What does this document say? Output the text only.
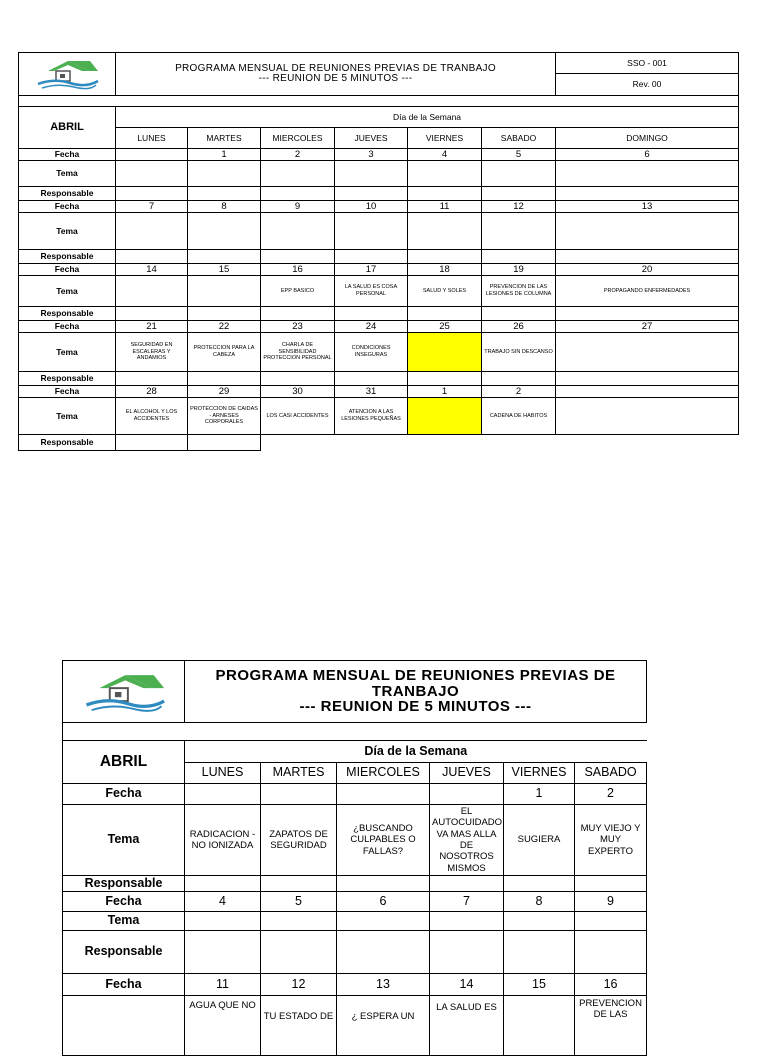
PROGRAMA MENSUAL DE REUNIONES PREVIAS DE TRANBAJO
--- REUNION DE 5 MINUTOS ---						SSO - 001
							Rev. 00

ABRIL	Día de la Semana						
	LUNES	MARTES	MIERCOLES	JUEVES	VIERNES	SABADO	DOMINGO
Fecha		1	2	3	4	5	6
Tema							
Responsable							
Fecha	7	8	9	10	11	12	13
Tema							
Responsable							
Fecha	14	15	16	17	18	19	20
Tema			EPP BASICO	LA SALUD ES COSA PERSONAL	SALUD Y SOLES	PREVENCION DE LAS LESIONES DE COLUMNA	PROPAGANDO ENFERMEDADES
Responsable							
Fecha	21	22	23	24	25	26	27
Tema	SEGURIDAD EN ESCALERAS Y ANDAMIOS	PROTECCION PARA LA CABEZA	CHARLA DE SENSIBILIDAD PROTECCION PERSONAL	CONDICIONES INSEGURAS		TRABAJO SIN DESCANSO	
Responsable							
Fecha	28	29	30	31	1	2	
Tema	EL ALCOHOL Y LOS ACCIDENTES	PROTECCION DE CAIDAS - ARNESES CORPORALES	LOS CASI ACCIDENTES	ATENCION A LAS LESIONES PEQUEÑAS		CADENA DE HABITOS	
Responsable							

PROGRAMA MENSUAL DE REUNIONES PREVIAS DE
TRANBAJO
--- REUNION DE 5 MINUTOS ---					

ABRIL	Día de la Semana					
	LUNES	MARTES	MIERCOLES	JUEVES	VIERNES	SABADO
Fecha					1	2
Tema	RADICACION - NO IONIZADA	ZAPATOS DE SEGURIDAD	¿BUSCANDO CULPABLES O FALLAS?	EL AUTOCUIDADO VA MAS ALLA DE NOSOTROS MISMOS	SUGIERA	MUY VIEJO Y MUY EXPERTO
Responsable						
Fecha	4	5	6	7	8	9
Tema						
Responsable						
Fecha	11	12	13	14	15	16
	AGUA QUE NO	TU ESTADO DE	¿ ESPERA UN	LA SALUD ES		PREVENCION DE LAS
